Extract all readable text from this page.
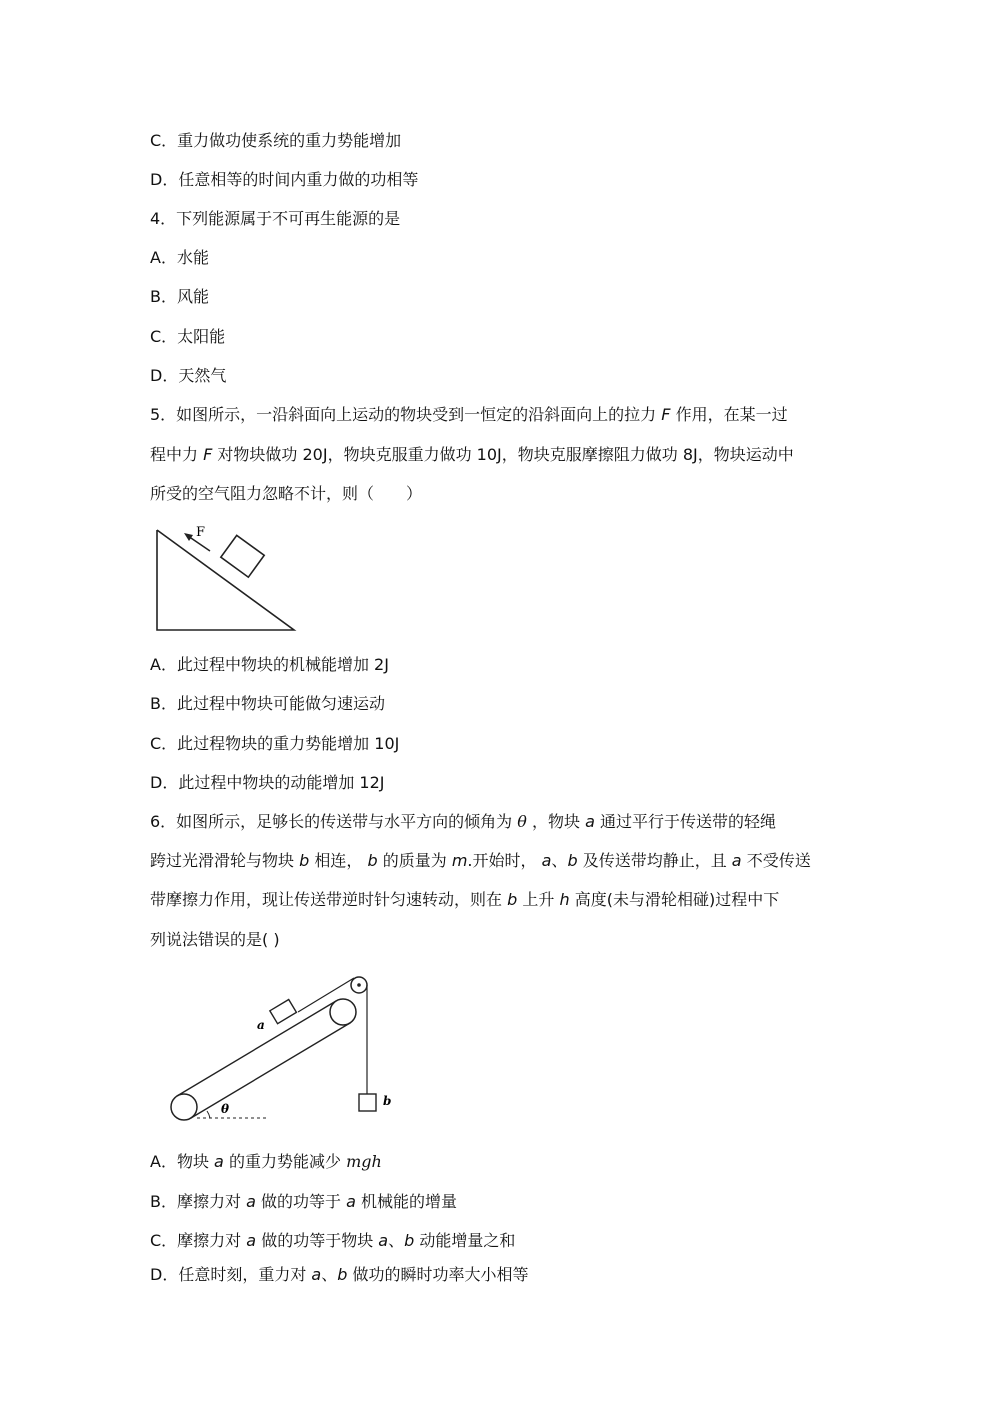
C．重力做功使系统的重力势能增加
D．任意相等的时间内重力做的功相等
4．下列能源属于不可再生能源的是
A．水能
B．风能
C．太阳能
D．天然气
5．如图所示，一沿斜面向上运动的物块受到一恒定的沿斜面向上的拉力 F 作用，在某一过
程中力 F 对物块做功 20J，物块克服重力做功 10J，物块克服摩擦阻力做功 8J，物块运动中
所受的空气阻力忽略不计，则（　　）
F
A．此过程中物块的机械能增加 2J
B．此过程中物块可能做匀速运动
C．此过程物块的重力势能增加 10J
D．此过程中物块的动能增加 12J
6．如图所示，足够长的传送带与水平方向的倾角为 θ ，物块 a 通过平行于传送带的轻绳
跨过光滑滑轮与物块 b 相连， b 的质量为 m.开始时， a、b 及传送带均静止，且 a 不受传送
带摩擦力作用，现让传送带逆时针匀速转动，则在 b 上升 h 高度(未与滑轮相碰)过程中下
列说法错误的是( )
a
b
θ
A．物块 a 的重力势能减少 mgh
B．摩擦力对 a 做的功等于 a 机械能的增量
C．摩擦力对 a 做的功等于物块 a、b 动能增量之和
D．任意时刻，重力对 a、b 做功的瞬时功率大小相等
